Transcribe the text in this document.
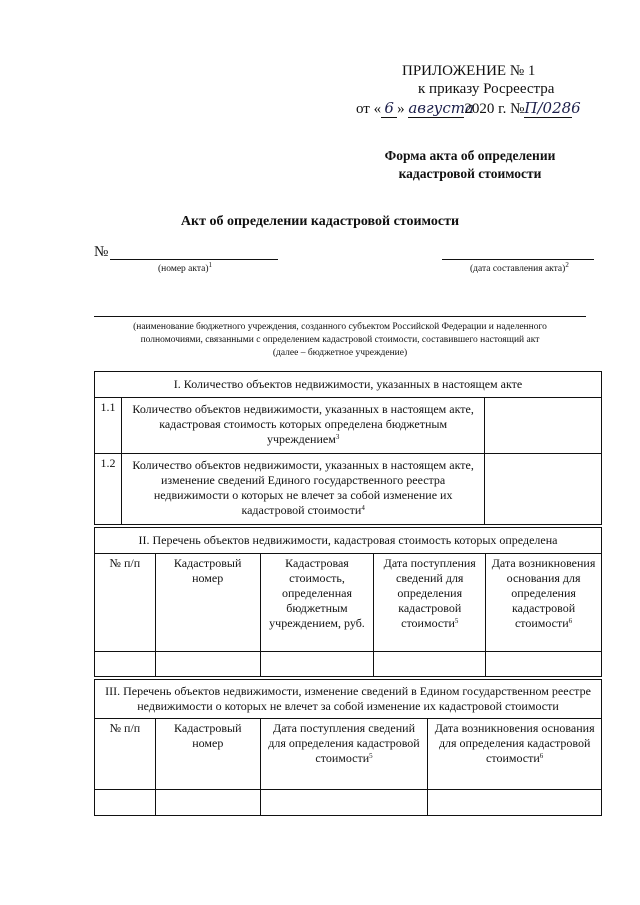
ПРИЛОЖЕНИЕ № 1
к приказу Росреестра
от « 6 » августа2020 г. №П/0286
Форма акта об определении
кадастровой стоимости
Акт об определении кадастровой стоимости
№
(номер акта)$^1$	(дата составления акта)$^2$
(наименование бюджетного учреждения, созданного субъектом Российской Федерации и наделенного
полномочиями, связанными с определением кадастровой стоимости, составившего настоящий акт
(далее – бюджетное учреждение)
I. Количество объектов недвижимости, указанных в настоящем акте		
1.1	Количество объектов недвижимости, указанных в настоящем акте, кадастровая стоимость которых определена бюджетным учреждением$^3$	
1.2	Количество объектов недвижимости, указанных в настоящем акте, изменение сведений Единого государственного реестра недвижимости о которых не влечет за собой изменение их кадастровой стоимости$^4$	
II. Перечень объектов недвижимости, кадастровая стоимость которых определена				
№ п/п	Кадастровый номер	Кадастровая стоимость, определенная бюджетным учреждением, руб.	Дата поступления сведений для определения кадастровой стоимости$^5$	Дата возникновения основания для определения кадастровой стоимости$^6$

III. Перечень объектов недвижимости, изменение сведений в Едином государственном реестре недвижимости о которых не влечет за собой изменение их кадастровой стоимости			
№ п/п	Кадастровый номер	Дата поступления сведений для определения кадастровой стоимости$^5$	Дата возникновения основания для определения кадастровой стоимости$^6$
